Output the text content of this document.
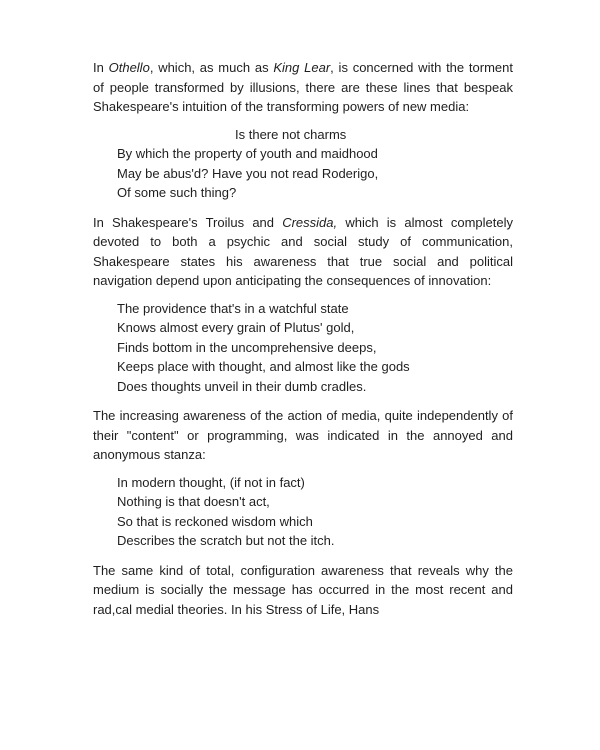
In Othello, which, as much as King Lear, is concerned with the torment of people transformed by illusions, there are these lines that bespeak Shakespeare's intuition of the transforming powers of new media:

Is there not charms
By which the property of youth and maidhood
May be abus'd? Have you not read Roderigo,
Of some such thing?

In Shakespeare's Troilus and Cressida, which is almost completely devoted to both a psychic and social study of communication, Shakespeare states his awareness that true social and political navigation depend upon anticipating the consequences of innovation:

The providence that's in a watchful state
Knows almost every grain of Plutus' gold,
Finds bottom in the uncomprehensive deeps,
Keeps place with thought, and almost like the gods
Does thoughts unveil in their dumb cradles.

The increasing awareness of the action of media, quite independently of their "content" or programming, was indicated in the annoyed and anonymous stanza:

In modern thought, (if not in fact)
Nothing is that doesn't act,
So that is reckoned wisdom which
Describes the scratch but not the itch.

The same kind of total, configuration awareness that reveals why the medium is socially the message has occurred in the most recent and rad,cal medial theories. In his Stress of Life, Hans
